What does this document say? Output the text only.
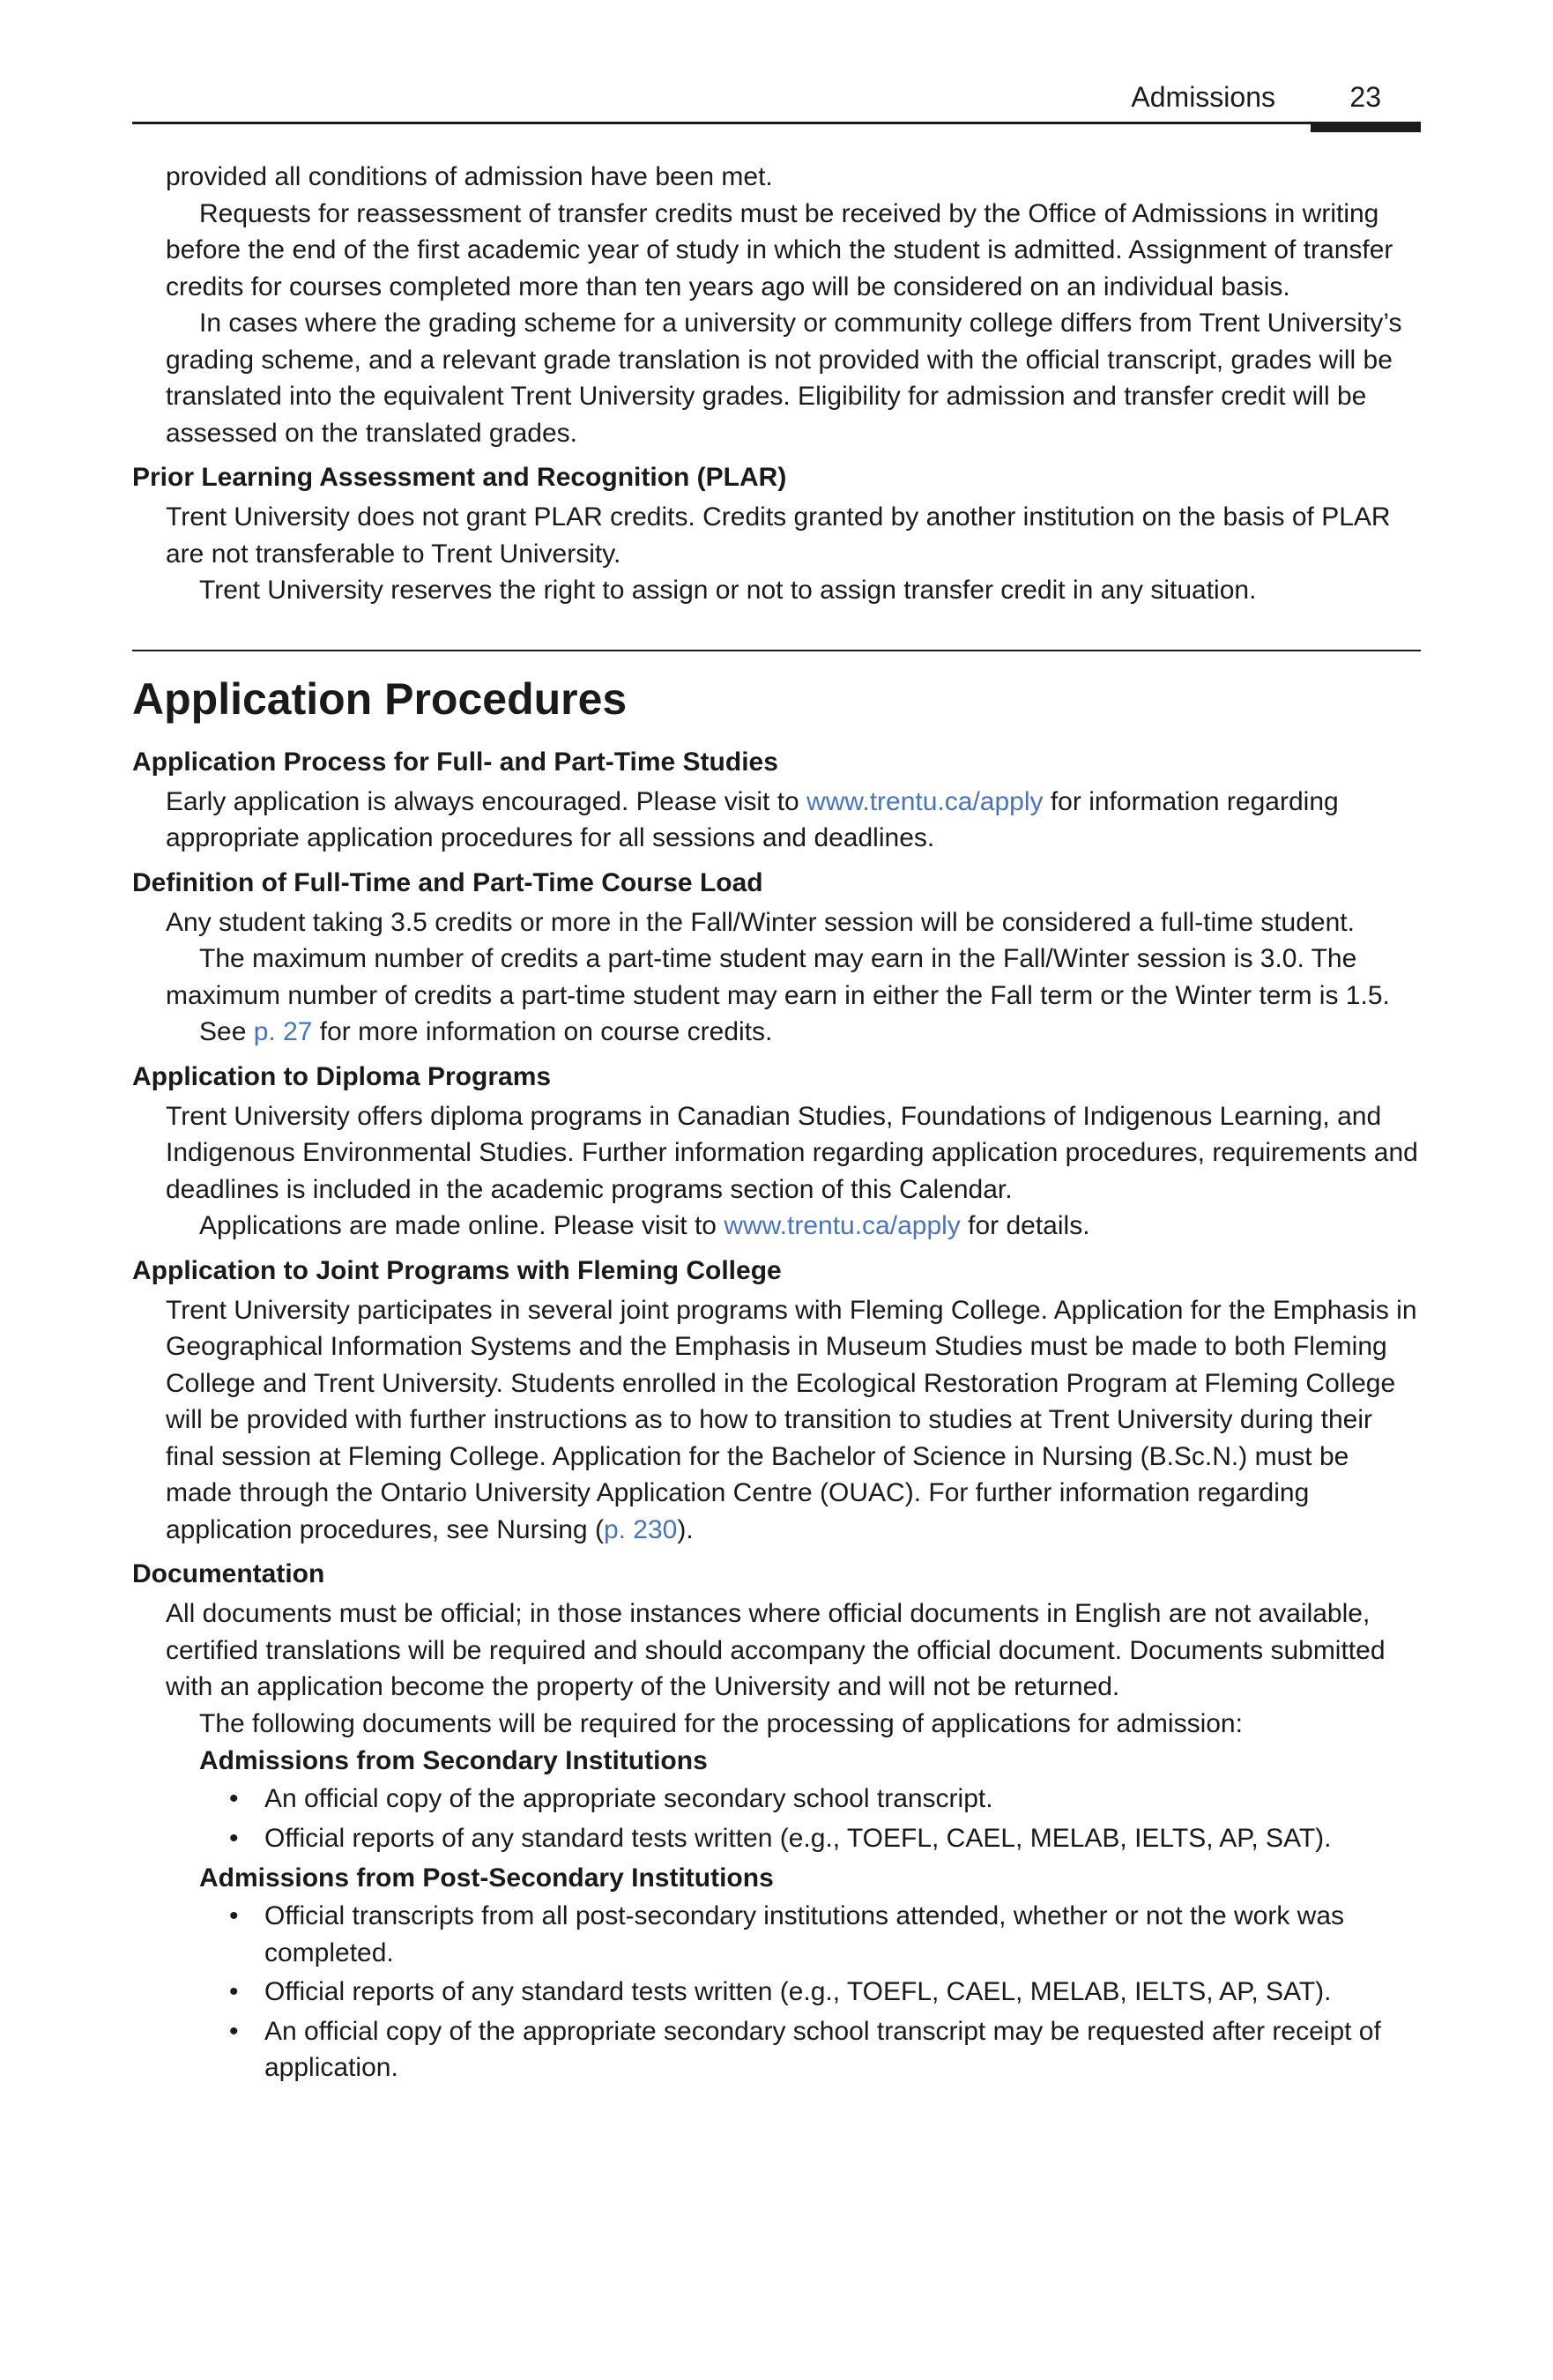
Admissions	23

provided all conditions of admission have been met.

Requests for reassessment of transfer credits must be received by the Office of Admissions in writing before the end of the first academic year of study in which the student is admitted. Assignment of transfer credits for courses completed more than ten years ago will be considered on an individual basis.

In cases where the grading scheme for a university or community college differs from Trent University’s grading scheme, and a relevant grade translation is not provided with the official transcript, grades will be translated into the equivalent Trent University grades. Eligibility for admission and transfer credit will be assessed on the translated grades.

Prior Learning Assessment and Recognition (PLAR)

Trent University does not grant PLAR credits. Credits granted by another institution on the basis of PLAR are not transferable to Trent University.

Trent University reserves the right to assign or not to assign transfer credit in any situation.

Application Procedures
Application Process for Full- and Part-Time Studies

Early application is always encouraged. Please visit to www.trentu.ca/apply for information regarding appropriate application procedures for all sessions and deadlines.

Definition of Full-Time and Part-Time Course Load

Any student taking 3.5 credits or more in the Fall/Winter session will be considered a full-time student.

The maximum number of credits a part-time student may earn in the Fall/Winter session is 3.0. The maximum number of credits a part-time student may earn in either the Fall term or the Winter term is 1.5.

See p. 27 for more information on course credits.

Application to Diploma Programs

Trent University offers diploma programs in Canadian Studies, Foundations of Indigenous Learning, and Indigenous Environmental Studies. Further information regarding application procedures, requirements and deadlines is included in the academic programs section of this Calendar.

Applications are made online. Please visit to www.trentu.ca/apply for details.

Application to Joint Programs with Fleming College

Trent University participates in several joint programs with Fleming College. Application for the Emphasis in Geographical Information Systems and the Emphasis in Museum Studies must be made to both Fleming College and Trent University. Students enrolled in the Ecological Restoration Program at Fleming College will be provided with further instructions as to how to transition to studies at Trent University during their final session at Fleming College. Application for the Bachelor of Science in Nursing (B.Sc.N.) must be made through the Ontario University Application Centre (OUAC). For further information regarding application procedures, see Nursing (p. 230).

Documentation

All documents must be official; in those instances where official documents in English are not available, certified translations will be required and should accompany the official document. Documents submitted with an application become the property of the University and will not be returned.

The following documents will be required for the processing of applications for admission:

Admissions from Secondary Institutions
• An official copy of the appropriate secondary school transcript.
• Official reports of any standard tests written (e.g., TOEFL, CAEL, MELAB, IELTS, AP, SAT).
Admissions from Post-Secondary Institutions
• Official transcripts from all post-secondary institutions attended, whether or not the work was completed.
• Official reports of any standard tests written (e.g., TOEFL, CAEL, MELAB, IELTS, AP, SAT).
• An official copy of the appropriate secondary school transcript may be requested after receipt of application.
